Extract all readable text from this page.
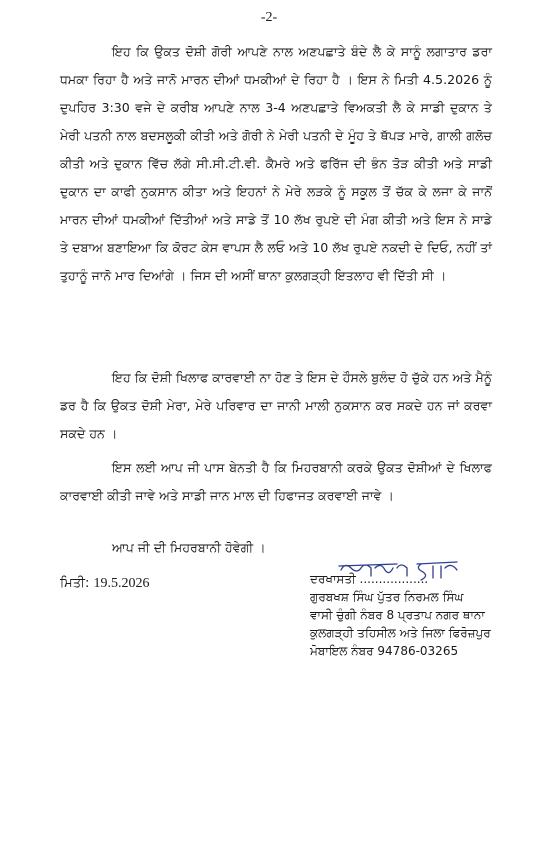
-2-

ਇਹ ਕਿ ਉਕਤ ਦੋਸ਼ੀ ਗੋਰੀ ਆਪਣੇ ਨਾਲ ਅਣਪਛਾਤੇ ਬੰਦੇ ਲੈ ਕੇ ਸਾਨੂੰ ਲਗਾਤਾਰ ਡਰਾ ਧਮਕਾ ਰਿਹਾ ਹੈ ਅਤੇ ਜਾਨੋ ਮਾਰਨ ਦੀਆਂ ਧਮਕੀਆਂ ਦੇ ਰਿਹਾ ਹੈ । ਇਸ ਨੇ ਮਿਤੀ 4.5.2026 ਨੂੰ ਦੁਪਹਿਰ 3:30 ਵਜੇ ਦੇ ਕਰੀਬ ਆਪਣੇ ਨਾਲ 3-4 ਅਣਪਛਾਤੇ ਵਿਅਕਤੀ ਲੈ ਕੇ ਸਾਡੀ ਦੁਕਾਨ ਤੇ ਮੇਰੀ ਪਤਨੀ ਨਾਲ ਬਦਸਲੂਕੀ ਕੀਤੀ ਅਤੇ ਗੋਰੀ ਨੇ ਮੇਰੀ ਪਤਨੀ ਦੇ ਮੂੰਹ ਤੇ ਥੱਪੜ ਮਾਰੇ, ਗਾਲੀ ਗਲੋਚ ਕੀਤੀ ਅਤੇ ਦੁਕਾਨ ਵਿੱਚ ਲੱਗੇ ਸੀ.ਸੀ.ਟੀ.ਵੀ. ਕੈਮਰੇ ਅਤੇ ਫਰਿੱਜ ਦੀ ਭੰਨ ਤੋੜ ਕੀਤੀ ਅਤੇ ਸਾਡੀ ਦੁਕਾਨ ਦਾ ਕਾਫੀ ਨੁਕਸਾਨ ਕੀਤਾ ਅਤੇ ਇਹਨਾਂ ਨੇ ਮੇਰੇ ਲੜਕੇ ਨੂੰ ਸਕੂਲ ਤੋਂ ਚੱਕ ਕੇ ਲਜਾ ਕੇ ਜਾਨੋਂ ਮਾਰਨ ਦੀਆਂ ਧਮਕੀਆਂ ਦਿੱਤੀਆਂ ਅਤੇ ਸਾਡੇ ਤੋਂ 10 ਲੱਖ ਰੁਪਏ ਦੀ ਮੰਗ ਕੀਤੀ ਅਤੇ ਇਸ ਨੇ ਸਾਡੇ ਤੇ ਦਬਾਅ ਬਣਾਇਆ ਕਿ ਕੋਰਟ ਕੇਸ ਵਾਪਸ ਲੈ ਲਓ ਅਤੇ 10 ਲੱਖ ਰੁਪਏ ਨਕਦੀ ਦੇ ਦਿਓ, ਨਹੀਂ ਤਾਂ ਤੁਹਾਨੂੰ ਜਾਨੋ ਮਾਰ ਦਿਆਂਗੇ । ਜਿਸ ਦੀ ਅਸੀਂ ਥਾਨਾ ਕੁਲਗੜ੍ਹੀ ਇਤਲਾਹ ਵੀ ਦਿੱਤੀ ਸੀ ।

ਇਹ ਕਿ ਦੋਸ਼ੀ ਖਿਲਾਫ ਕਾਰਵਾਈ ਨਾ ਹੋਣ ਤੇ ਇਸ ਦੇ ਹੌਸਲੇ ਬੁਲੰਦ ਹੋ ਚੁੱਕੇ ਹਨ ਅਤੇ ਮੈਨੂੰ ਡਰ ਹੈ ਕਿ ਉਕਤ ਦੋਸ਼ੀ ਮੇਰਾ, ਮੇਰੇ ਪਰਿਵਾਰ ਦਾ ਜਾਨੀ ਮਾਲੀ ਨੁਕਸਾਨ ਕਰ ਸਕਦੇ ਹਨ ਜਾਂ ਕਰਵਾ ਸਕਦੇ ਹਨ ।

ਇਸ ਲਈ ਆਪ ਜੀ ਪਾਸ ਬੇਨਤੀ ਹੈ ਕਿ ਮਿਹਰਬਾਨੀ ਕਰਕੇ ਉਕਤ ਦੋਸ਼ੀਆਂ ਦੇ ਖਿਲਾਫ ਕਾਰਵਾਈ ਕੀਤੀ ਜਾਵੇ ਅਤੇ ਸਾਡੀ ਜਾਨ ਮਾਲ ਦੀ ਹਿਫਾਜਤ ਕਰਵਾਈ ਜਾਵੇ ।

ਆਪ ਜੀ ਦੀ ਮਿਹਰਬਾਨੀ ਹੋਵੇਗੀ ।

ਮਿਤੀ: 19.5.2026	ਦਰਖਾਸਤੀ ..................
ਗੁਰਬਖਸ਼ ਸਿੰਘ ਪੁੱਤਰ ਨਿਰਮਲ ਸਿੰਘ
ਵਾਸੀ ਚੁੰਗੀ ਨੰਬਰ 8 ਪ੍ਰਤਾਪ ਨਗਰ ਥਾਨਾ
ਕੁਲਗੜ੍ਹੀ ਤਹਿਸੀਲ ਅਤੇ ਜਿਲਾ ਫਿਰੋਜ਼ਪੁਰ
ਮੋਬਾਇਲ ਨੰਬਰ 94786-03265
